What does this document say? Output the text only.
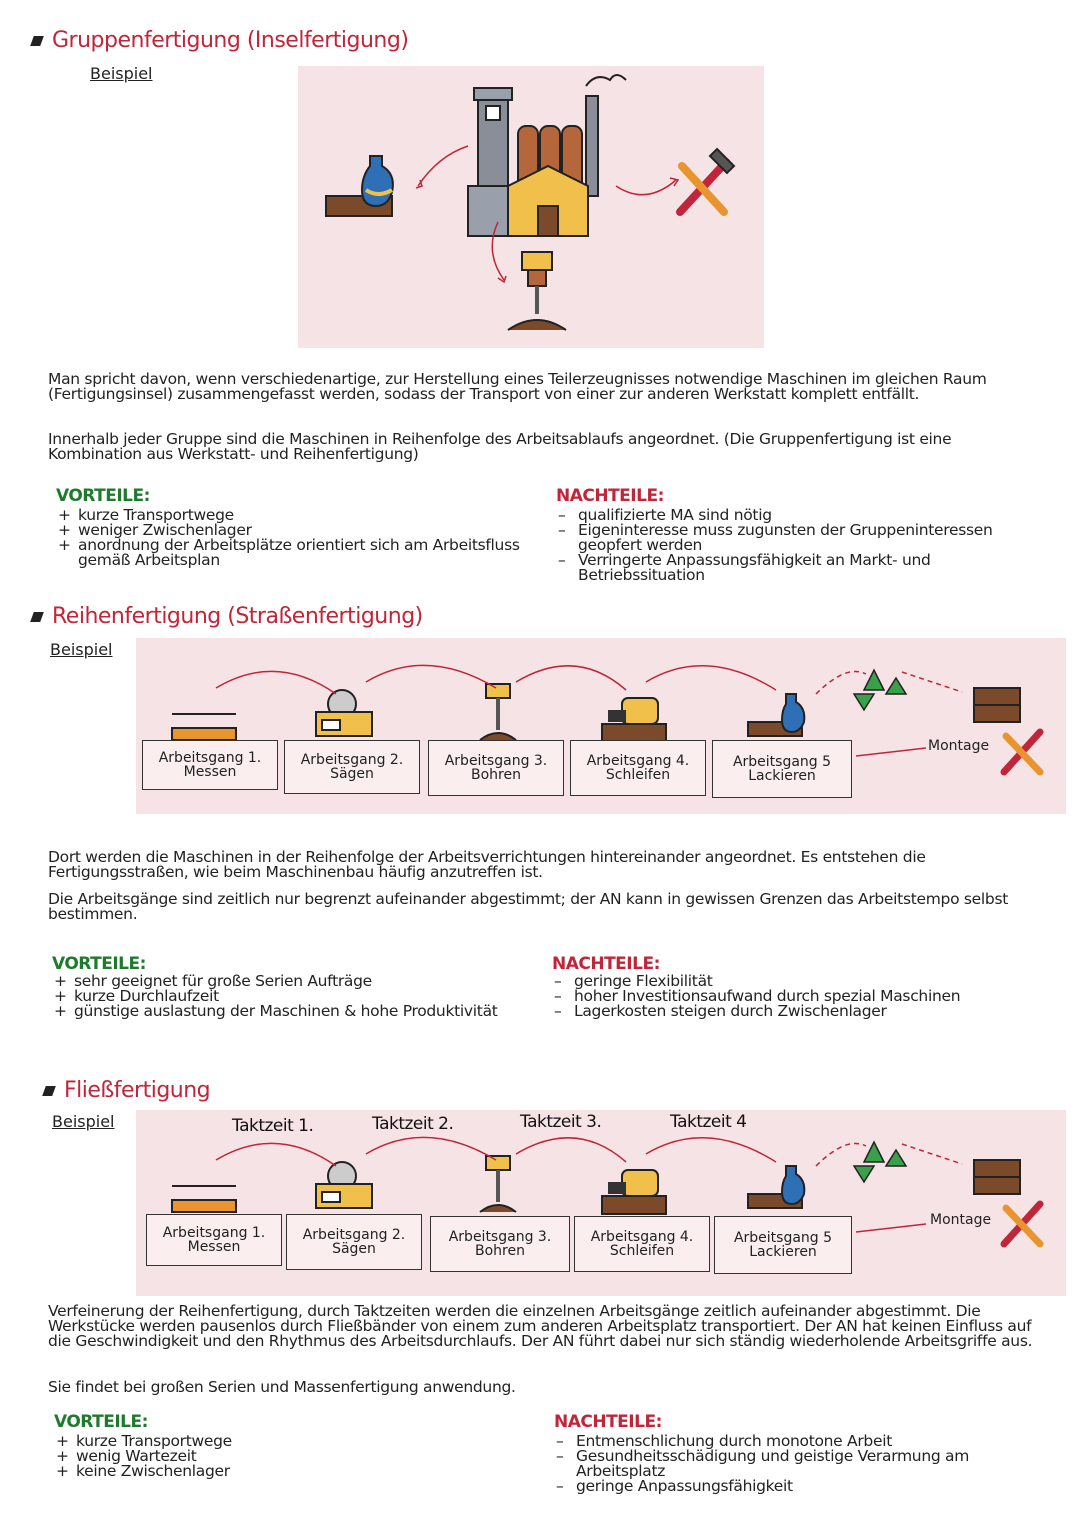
Gruppenfertigung (Inselfertigung)
Beispiel
Man spricht davon, wenn verschiedenartige, zur Herstellung eines Teilerzeugnisses notwendige Maschinen im gleichen Raum (Fertigungsinsel) zusammengefasst werden, sodass der Transport von einer zur anderen Werkstatt komplett entfällt.
Innerhalb jeder Gruppe sind die Maschinen in Reihenfolge des Arbeitsablaufs angeordnet. (Die Gruppenfertigung ist eine Kombination aus Werkstatt- und Reihenfertigung)
VORTEILE:
+ kurze Transportwege
+ weniger Zwischenlager
+ anordnung der Arbeitsplätze orientiert sich am Arbeitsfluss gemäß Arbeitsplan
NACHTEILE:
– qualifizierte MA sind nötig
– Eigeninteresse muss zugunsten der Gruppeninteressen geopfert werden
– Verringerte Anpassungsfähigkeit an Markt- und Betriebssituation
Reihenfertigung (Straßenfertigung)
Beispiel
Arbeitsgang 1.
Messen
Arbeitsgang 2.
Sägen
Arbeitsgang 3.
Bohren
Arbeitsgang 4.
Schleifen
Arbeitsgang 5
Lackieren
Montage
Dort werden die Maschinen in der Reihenfolge der Arbeitsverrichtungen hintereinander angeordnet. Es entstehen die Fertigungsstraßen, wie beim Maschinenbau häufig anzutreffen ist.
Die Arbeitsgänge sind zeitlich nur begrenzt aufeinander abgestimmt; der AN kann in gewissen Grenzen das Arbeitstempo selbst bestimmen.
VORTEILE:
+ sehr geeignet für große Serien Aufträge
+ kurze Durchlaufzeit
+ günstige auslastung der Maschinen & hohe Produktivität
NACHTEILE:
– geringe Flexibilität
– hoher Investitionsaufwand durch spezial Maschinen
– Lagerkosten steigen durch Zwischenlager
Fließfertigung
Beispiel	Taktzeit 1.	Taktzeit 2.	Taktzeit 3.	Taktzeit 4
Arbeitsgang 1.
Messen
Arbeitsgang 2.
Sägen
Arbeitsgang 3.
Bohren
Arbeitsgang 4.
Schleifen
Arbeitsgang 5
Lackieren
Montage
Verfeinerung der Reihenfertigung, durch Taktzeiten werden die einzelnen Arbeitsgänge zeitlich aufeinander abgestimmt. Die Werkstücke werden pausenlos durch Fließbänder von einem zum anderen Arbeitsplatz transportiert. Der AN hat keinen Einfluss auf die Geschwindigkeit und den Rhythmus des Arbeitsdurchlaufs. Der AN führt dabei nur sich ständig wiederholende Arbeitsgriffe aus.
Sie findet bei großen Serien und Massenfertigung anwendung.
VORTEILE:
+ kurze Transportwege
+ wenig Wartezeit
+ keine Zwischenlager
NACHTEILE:
– Entmenschlichung durch monotone Arbeit
– Gesundheitsschädigung und geistige Verarmung am Arbeitsplatz
– geringe Anpassungsfähigkeit
